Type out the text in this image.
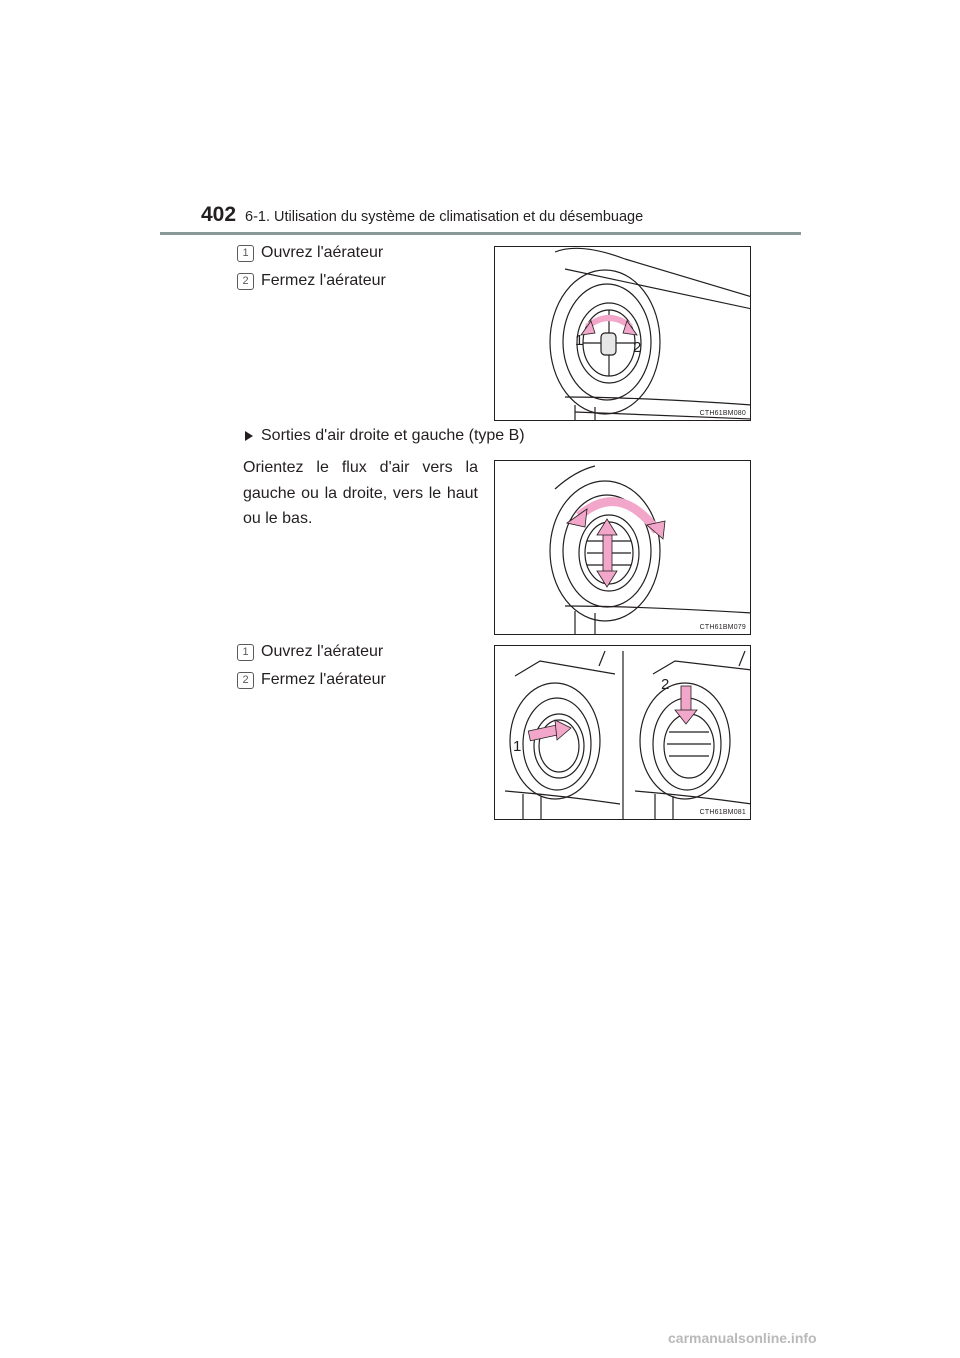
402 6-1. Utilisation du système de climatisation et du désembuage
1 Ouvrez l'aérateur
2 Fermez l'aérateur
1	2
CTH61BM080
Sorties d'air droite et gauche (type B)
Orientez le flux d'air vers la gauche ou la droite, vers le haut ou le bas.
CTH61BM079
1 Ouvrez l'aérateur
2 Fermez l'aérateur
1
2
CTH61BM081
carmanualsonline.info
